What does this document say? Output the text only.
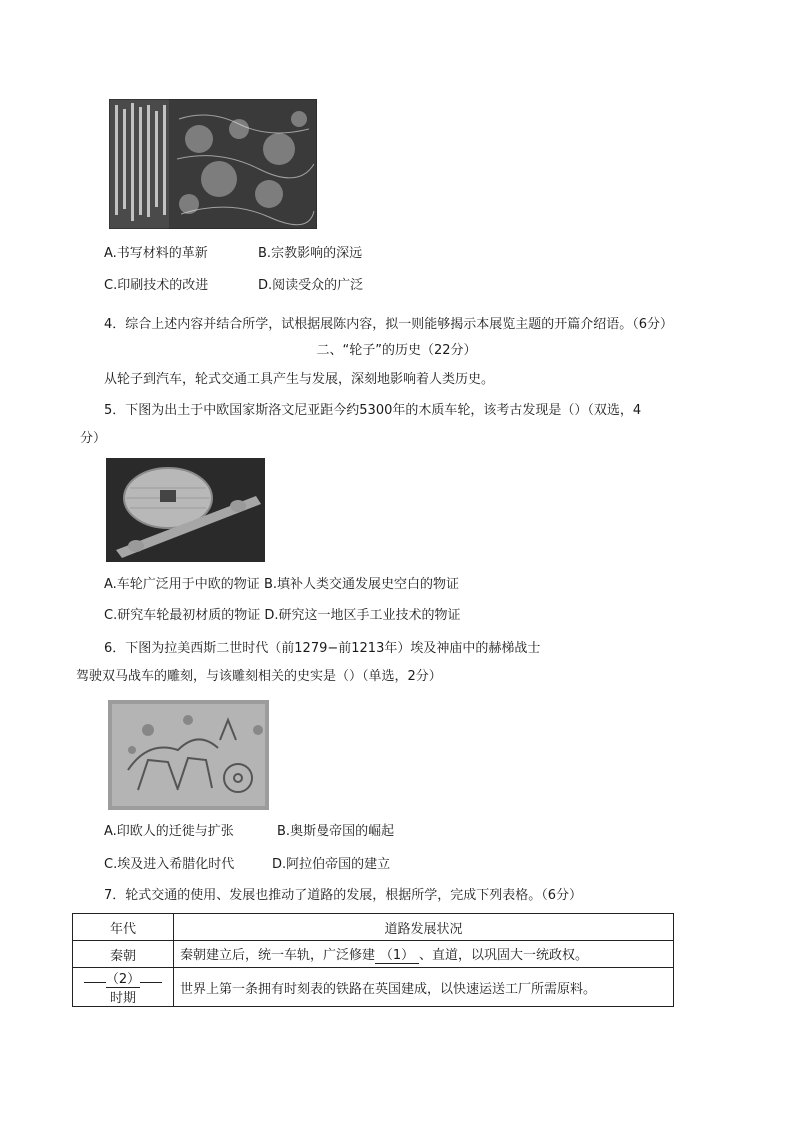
A.书写材料的革新	B.宗教影响的深远
C.印刷技术的改进	D.阅读受众的广泛
4．综合上述内容并结合所学，试根据展陈内容，拟一则能够揭示本展览主题的开篇介绍语。（6分）
二、“轮子”的历史（22分）
从轮子到汽车，轮式交通工具产生与发展，深刻地影响着人类历史。
5．下图为出土于中欧国家斯洛文尼亚距今约5300年的木质车轮，该考古发现是（）（双选，4
分）
A.车轮广泛用于中欧的物证 B.填补人类交通发展史空白的物证
C.研究车轮最初材质的物证 D.研究这一地区手工业技术的物证
6．下图为拉美西斯二世时代（前1279−前1213年）埃及神庙中的赫梯战士
驾驶双马战车的雕刻，与该雕刻相关的史实是（）（单选，2分）
A.印欧人的迁徙与扩张	B.奥斯曼帝国的崛起
C.埃及进入希腊化时代	D.阿拉伯帝国的建立
7．轮式交通的使用、发展也推动了道路的发展，根据所学，完成下列表格。（6分）
年代	道路发展状况
秦朝	秦朝建立后，统一车轨，广泛修建 （1） 、直道，以巩固大一统政权。
（2）时期	世界上第一条拥有时刻表的铁路在英国建成，以快速运送工厂所需原料。
